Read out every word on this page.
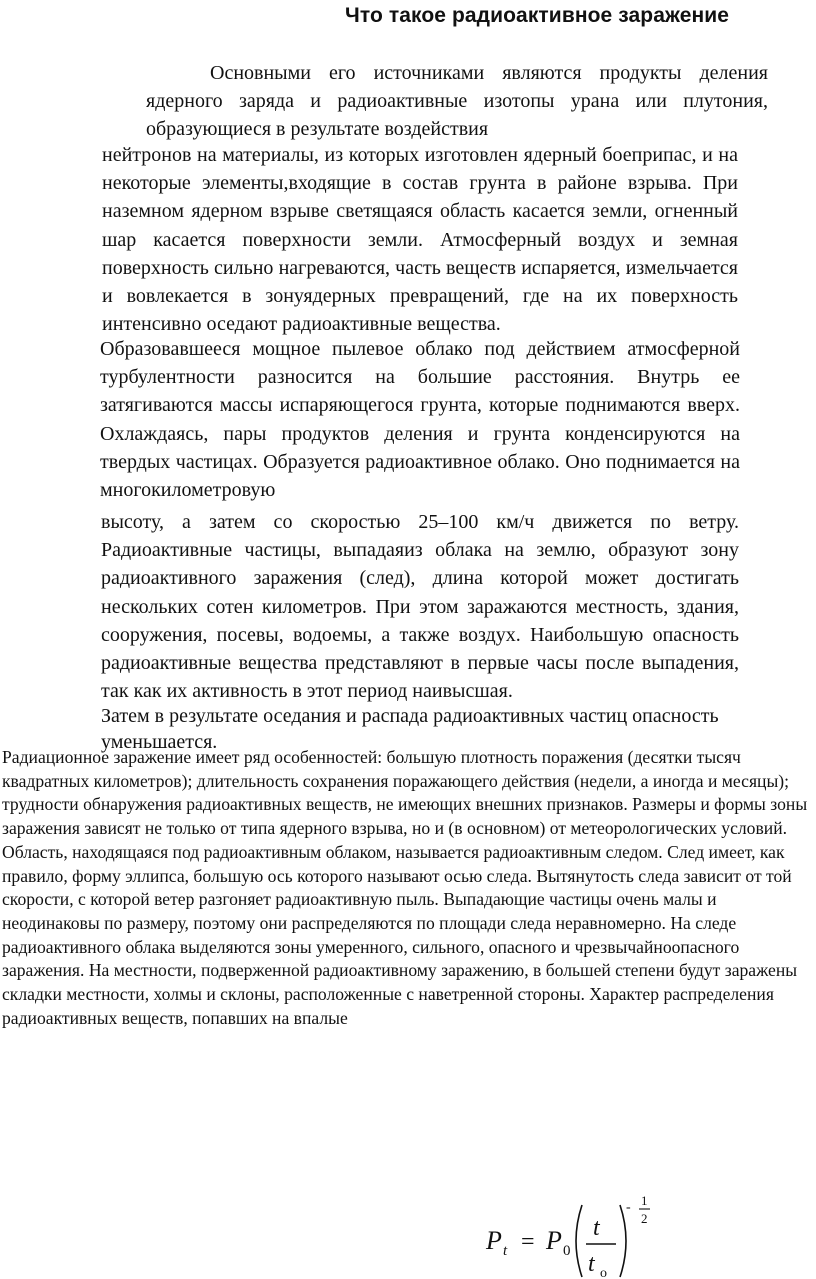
Что такое радиоактивное заражение

Основными его источниками являются продукты деления ядерного заряда и радиоактивные изотопы урана или плутония, образующиеся в результате воздействия

нейтронов на материалы, из которых изготовлен ядерный боеприпас, и на некоторые элементы,входящие в состав грунта в районе взрыва. При наземном ядерном взрыве светящаяся область касается земли, огненный шар касается поверхности земли. Атмосферный воздух и земная поверхность сильно нагреваются, часть веществ испаряется, измельчается и вовлекается в зонуядерных превращений, где на их поверхность интенсивно оседают радиоактивные вещества.

Образовавшееся мощное пылевое облако под действием атмосферной турбулентности разносится на большие расстояния. Внутрь ее затягиваются массы испаряющегося грунта, которые поднимаются вверх. Охлаждаясь, пары продуктов деления и грунта конденсируются на твердых частицах. Образуется радиоактивное облако. Оно поднимается на многокилометровую

высоту, а затем со скоростью 25–100 км/ч движется по ветру. Радиоактивные частицы, выпадаяиз облака на землю, образуют зону радиоактивного заражения (след), длина которой может достигать нескольких сотен километров. При этом заражаются местность, здания, сооружения, посевы, водоемы, а также воздух. Наибольшую опасность радиоактивные вещества представляют в первые часы после выпадения, так как их активность в этот период наивысшая.

Затем в результате оседания и распада радиоактивных частиц опасность уменьшается.

Радиационное заражение имеет ряд особенностей: большую плотность поражения (десятки тысяч квадратных километров); длительность сохранения поражающего действия (недели, а иногда и месяцы); трудности обнаружения радиоактивных веществ, не имеющих внешних признаков. Размеры и формы зоны заражения зависят не только от типа ядерного взрыва, но и (в основном) от метеорологических условий. Область, находящаяся под радиоактивным облаком, называется радиоактивным следом. След имеет, как правило, форму эллипса, большую ось которого называют осью следа. Вытянутость следа зависит от той скорости, с которой ветер разгоняет радиоактивную пыль. Выпадающие частицы очень малы и неодинаковы по размеру, поэтому они распределяются по площади следа неравномерно. На следе радиоактивного облака выделяются зоны умеренного, сильного, опасного и чрезвычайноопасного заражения. На местности, подверженной радиоактивному заражению, в большей степени будут заражены складки местности, холмы и склоны, расположенные с наветренной стороны. Характер распределения радиоактивных веществ, попавших на впалые

P t = P 0
t
t o
- 1
2
